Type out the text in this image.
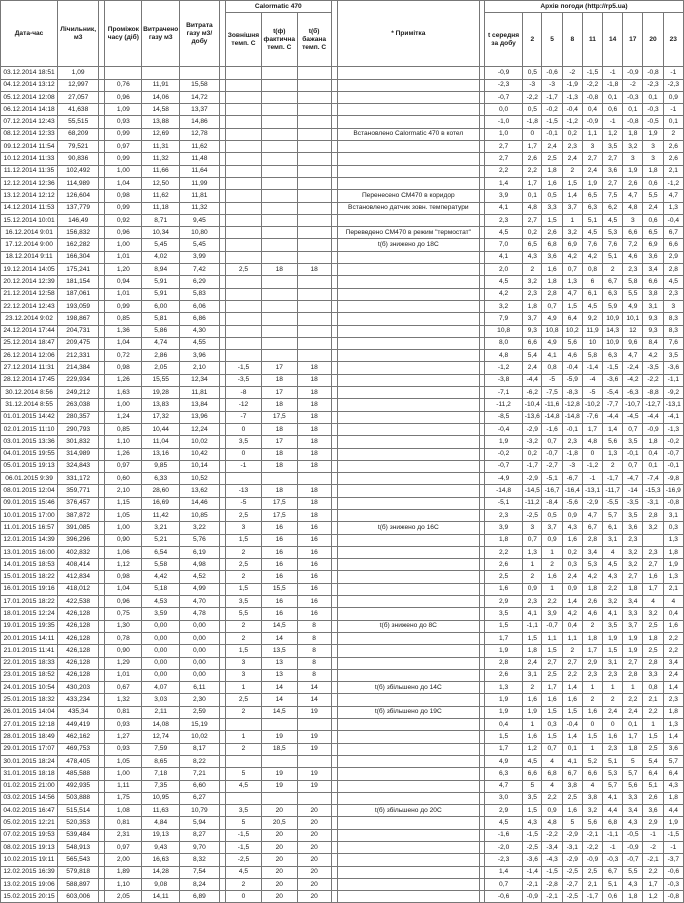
Дата-час	Лічильник, м3		Проміжок часу (діб)	Витрачено газу м3	Витрата газу м3/добу		Calormatic 470				* Примітка		Архів погоди (http://rp5.ua)								
							Зовнішня темп. С	t(ф) фактична темп. С	t(б) бажана темп. С				t середня за добу	2	5	8	11	14	17	20	23
03.12.2014 18:51	1,09												-0,9	0,5	-0,6	-2	-1,5	-1	-0,9	-0,8	-1
04.12.2014 13:12	12,997		0,76	11,91	15,58								-2,3	-3	-3	-1,9	-2,2	-1,8	-2	-2,3	-2,3
05.12.2014 12:08	27,057		0,96	14,06	14,72								-0,7	-2,2	-1,7	-1,3	-0,8	0,1	-0,3	0,1	0,9
06.12.2014 14:18	41,638		1,09	14,58	13,37								0,0	0,5	-0,2	-0,4	0,4	0,6	0,1	-0,3	-1
07.12.2014 12:43	55,515		0,93	13,88	14,86								-1,0	-1,8	-1,5	-1,2	-0,9	-1	-0,8	-0,5	0,1
08.12.2014 12:33	68,209		0,99	12,69	12,78						Встановлено Calormatic 470 в котел		1,0	0	-0,1	0,2	1,1	1,2	1,8	1,9	2
09.12.2014 11:54	79,521		0,97	11,31	11,62								2,7	1,7	2,4	2,3	3	3,5	3,2	3	2,6
10.12.2014 11:33	90,836		0,99	11,32	11,48								2,7	2,6	2,5	2,4	2,7	2,7	3	3	2,6
11.12.2014 11:35	102,492		1,00	11,66	11,64								2,2	2,2	1,8	2	2,4	3,6	1,9	1,8	2,1
12.12.2014 12:36	114,989		1,04	12,50	11,99								1,4	1,7	1,6	1,5	1,9	2,7	2,6	0,6	-1,2
13.12.2014 12:12	126,604		0,98	11,62	11,81						Перенесено CM470 в коридор		3,9	0,1	0,5	1,4	6,5	7,5	4,7	5,5	4,7
14.12.2014 11:53	137,779		0,99	11,18	11,32						Встановлено датчик зовн. температури		4,1	4,8	3,3	3,7	6,3	6,2	4,8	2,4	1,3
15.12.2014 10:01	146,49		0,92	8,71	9,45								2,3	2,7	1,5	1	5,1	4,5	3	0,6	-0,4
16.12.2014 9:01	156,832		0,96	10,34	10,80						Переведено CM470 в режим "термостат"		4,5	0,2	2,6	3,2	4,5	5,3	6,6	6,5	6,7
17.12.2014 9:00	162,282		1,00	5,45	5,45						t(б) знижено до 18С		7,0	6,5	6,8	6,9	7,6	7,6	7,2	6,9	6,6
18.12.2014 9:11	166,304		1,01	4,02	3,99								4,1	4,3	3,6	4,2	4,2	5,1	4,6	3,6	2,9
19.12.2014 14:05	175,241		1,20	8,94	7,42		2,5	18	18				2,0	2	1,6	0,7	0,8	2	2,3	3,4	2,8
20.12.2014 12:39	181,154		0,94	5,91	6,29								4,5	3,2	1,8	1,3	6	6,7	5,8	6,6	4,5
21.12.2014 12:58	187,061		1,01	5,91	5,83								4,2	2,3	2,8	4,7	6,1	6,3	5,5	3,8	2,3
22.12.2014 12:43	193,059		0,99	6,00	6,06								3,2	1,8	0,7	1,5	4,5	5,9	4,9	3,1	3
23.12.2014 9:02	198,867		0,85	5,81	6,86								7,9	3,7	4,9	6,4	9,2	10,9	10,1	9,3	8,3
24.12.2014 17:44	204,731		1,36	5,86	4,30								10,8	9,3	10,8	10,2	11,9	14,3	12	9,3	8,3
25.12.2014 18:47	209,475		1,04	4,74	4,55								8,0	6,6	4,9	5,6	10	10,9	9,6	8,4	7,6
26.12.2014 12:06	212,331		0,72	2,86	3,96								4,8	5,4	4,1	4,6	5,8	6,3	4,7	4,2	3,5
27.12.2014 11:31	214,384		0,98	2,05	2,10		-1,5	17	18				-1,2	2,4	0,8	-0,4	-1,4	-1,5	-2,4	-3,5	-3,6
28.12.2014 17:45	229,934		1,26	15,55	12,34		-3,5	18	18				-3,8	-4,4	-5	-5,9	-4	-3,6	-4,2	-2,2	-1,1
30.12.2014 8:56	249,212		1,63	19,28	11,81		-8	17	18				-7,1	-6,2	-7,5	-8,3	-5	-5,4	-6,3	-8,8	-9,2
31.12.2014 8:55	263,038		1,00	13,83	13,84		-12	18	18				-11,2	-10,4	-11,6	-12,8	-10,2	-7,7	-10,7	-12,7	-13,1
01.01.2015 14:42	280,357		1,24	17,32	13,96		-7	17,5	18				-8,5	-13,6	-14,8	-14,8	-7,6	-4,4	-4,5	-4,4	-4,1
02.01.2015 11:10	290,793		0,85	10,44	12,24		0	18	18				-0,4	-2,9	-1,6	-0,1	1,7	1,4	0,7	-0,9	-1,3
03.01.2015 13:36	301,832		1,10	11,04	10,02		3,5	17	18				1,9	-3,2	0,7	2,3	4,8	5,6	3,5	1,8	-0,2
04.01.2015 19:55	314,989		1,26	13,16	10,42		0	18	18				-0,2	0,2	-0,7	-1,8	0	1,3	-0,1	0,4	-0,7
05.01.2015 19:13	324,843		0,97	9,85	10,14		-1	18	18				-0,7	-1,7	-2,7	-3	-1,2	2	0,7	0,1	-0,1
06.01.2015 9:39	331,172		0,60	6,33	10,52								-4,9	-2,9	-5,1	-6,7	-1	-1,7	-4,7	-7,4	-9,8
08.01.2015 12:04	359,771		2,10	28,60	13,62		-13	18	18				-14,8	-14,5	-16,7	-16,4	-13,1	-11,7	-14	-15,3	-16,9
09.01.2015 15:46	376,457		1,15	16,69	14,46		-5	17,5	18				-5,1	-11,2	-8,4	-5,6	-2,9	-5,5	-3,5	-3,1	-0,8
10.01.2015 17:00	387,872		1,05	11,42	10,85		2,5	17,5	18				2,3	-2,5	0,5	0,9	4,7	5,7	3,5	2,8	3,1
11.01.2015 16:57	391,085		1,00	3,21	3,22		3	16	16		t(б) знижено до 16С		3,9	3	3,7	4,3	6,7	6,1	3,6	3,2	0,3
12.01.2015 14:39	396,296		0,90	5,21	5,76		1,5	16	16				1,8	0,7	0,9	1,6	2,8	3,1	2,3		1,3
13.01.2015 16:00	402,832		1,06	6,54	6,19		2	16	16				2,2	1,3	1	0,2	3,4	4	3,2	2,3	1,8
14.01.2015 18:53	408,414		1,12	5,58	4,98		2,5	16	16				2,6	1	2	0,3	5,3	4,5	3,2	2,7	1,9
15.01.2015 18:22	412,834		0,98	4,42	4,52		2	16	16				2,5	2	1,6	2,4	4,2	4,3	2,7	1,6	1,3
16.01.2015 19:16	418,012		1,04	5,18	4,99		1,5	15,5	16				1,6	0,9	1	0,9	1,8	2,2	1,8	1,7	2,1
17.01.2015 18:22	422,538		0,96	4,53	4,70		3,5	16	16				2,9	2,3	2,2	1,4	2,6	3,2	3,4	4	4
18.01.2015 12:24	426,128		0,75	3,59	4,78		5,5	16	16				3,5	4,1	3,9	4,2	4,6	4,1	3,3	3,2	0,4
19.01.2015 19:35	426,128		1,30	0,00	0,00		2	14,5	8		t(б) знижено до 8С		1,5	-1,1	-0,7	0,4	2	3,5	3,7	2,5	1,6
20.01.2015 14:11	426,128		0,78	0,00	0,00		2	14	8				1,7	1,5	1,1	1,1	1,8	1,9	1,9	1,8	2,2
21.01.2015 11:41	426,128		0,90	0,00	0,00		1,5	13,5	8				1,9	1,8	1,5	2	1,7	1,5	1,9	2,5	2,2
22.01.2015 18:33	426,128		1,29	0,00	0,00		3	13	8				2,8	2,4	2,7	2,7	2,9	3,1	2,7	2,8	3,4
23.01.2015 18:52	426,128		1,01	0,00	0,00		3	13	8				2,6	3,1	2,5	2,2	2,3	2,3	2,8	3,3	2,4
24.01.2015 10:54	430,203		0,67	4,07	6,11		1	14	14		t(б) збільшено до 14С		1,3	2	1,7	1,4	1	1	1	0,8	1,4
25.01.2015 18:32	433,234		1,32	3,03	2,30		2,5	14	14				1,9	1,6	1,6	1,6	2	2	2,2	2,1	2,3
26.01.2015 14:04	435,34		0,81	2,11	2,59		2	14,5	19		t(б) збільшено до 19С		1,9	1,9	1,5	1,5	1,6	2,4	2,4	2,2	1,8
27.01.2015 12:18	449,419		0,93	14,08	15,19								0,4	1	0,3	-0,4	0	0	0,1	1	1,3
28.01.2015 18:49	462,162		1,27	12,74	10,02		1	19	19				1,5	1,6	1,5	1,4	1,5	1,6	1,7	1,5	1,4
29.01.2015 17:07	469,753		0,93	7,59	8,17		2	18,5	19				1,7	1,2	0,7	0,1	1	2,3	1,8	2,5	3,6
30.01.2015 18:24	478,405		1,05	8,65	8,22								4,9	4,5	4	4,1	5,2	5,1	5	5,4	5,7
31.01.2015 18:18	485,588		1,00	7,18	7,21		5	19	19				6,3	6,6	6,8	6,7	6,6	5,3	5,7	6,4	6,4
01.02.2015 21:00	492,935		1,11	7,35	6,60		4,5	19	19				4,7	5	4	3,8	4	5,7	5,6	5,1	4,3
03.02.2015 14:56	503,888		1,75	10,95	6,27								3,0	3,5	2,2	2,5	3,8	4,1	3,3	2,6	1,8
04.02.2015 16:47	515,514		1,08	11,63	10,79		3,5	20	20		t(б) збільшено до 20С		2,9	1,5	0,9	1,6	3,2	4,4	3,4	3,6	4,4
05.02.2015 12:21	520,353		0,81	4,84	5,94		5	20,5	20				4,5	4,3	4,8	5	5,6	6,8	4,3	2,9	1,9
07.02.2015 19:53	539,484		2,31	19,13	8,27		-1,5	20	20				-1,6	-1,5	-2,2	-2,9	-2,1	-1,1	-0,5	-1	-1,5
08.02.2015 19:13	548,913		0,97	9,43	9,70		-1,5	20	20				-2,0	-2,5	-3,4	-3,1	-2,2	-1	-0,9	-2	-1
10.02.2015 19:11	565,543		2,00	16,63	8,32		-2,5	20	20				-2,3	-3,6	-4,3	-2,9	-0,9	-0,3	-0,7	-2,1	-3,7
12.02.2015 16:39	579,818		1,89	14,28	7,54		4,5	20	20				1,4	-1,4	-1,5	-2,5	2,5	6,7	5,5	2,2	-0,6
13.02.2015 19:06	588,897		1,10	9,08	8,24		2	20	20				0,7	-2,1	-2,8	-2,7	2,1	5,1	4,3	1,7	-0,3
15.02.2015 20:15	603,006		2,05	14,11	6,89		0	20	20				-0,6	-0,9	-2,1	-2,5	-1,7	0,6	1,8	1,2	-0,8
